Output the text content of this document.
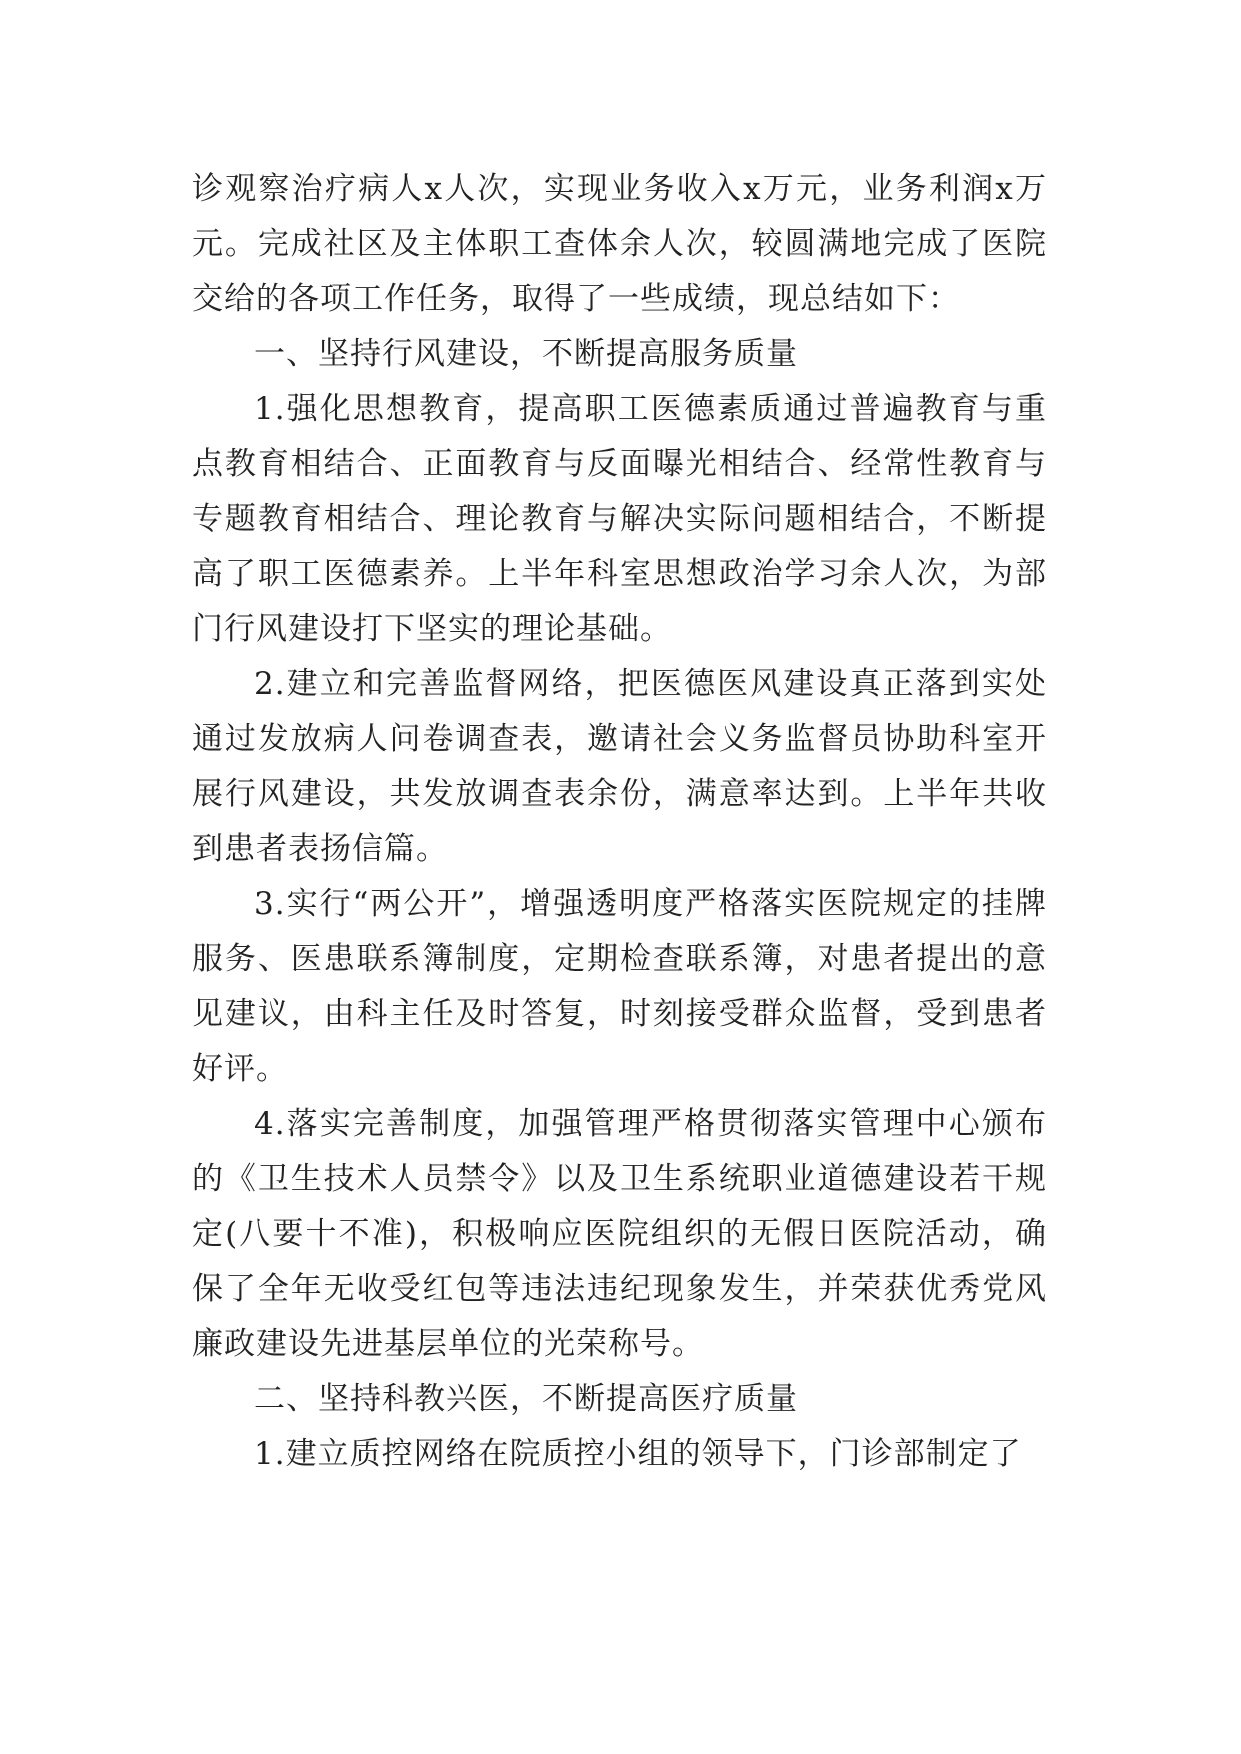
诊观察治疗病人x人次，实现业务收入x万元，业务利润x万元。完成社区及主体职工查体余人次，较圆满地完成了医院交给的各项工作任务，取得了一些成绩，现总结如下：

一、坚持行风建设，不断提高服务质量

1.强化思想教育，提高职工医德素质通过普遍教育与重点教育相结合、正面教育与反面曝光相结合、经常性教育与专题教育相结合、理论教育与解决实际问题相结合，不断提高了职工医德素养。上半年科室思想政治学习余人次，为部门行风建设打下坚实的理论基础。

2.建立和完善监督网络，把医德医风建设真正落到实处通过发放病人问卷调查表，邀请社会义务监督员协助科室开展行风建设，共发放调查表余份，满意率达到。上半年共收到患者表扬信篇。

3.实行“两公开”，增强透明度严格落实医院规定的挂牌服务、医患联系簿制度，定期检查联系簿，对患者提出的意见建议，由科主任及时答复，时刻接受群众监督，受到患者好评。

4.落实完善制度，加强管理严格贯彻落实管理中心颁布的《卫生技术人员禁令》以及卫生系统职业道德建设若干规定(八要十不准)，积极响应医院组织的无假日医院活动，确保了全年无收受红包等违法违纪现象发生，并荣获优秀党风廉政建设先进基层单位的光荣称号。

二、坚持科教兴医，不断提高医疗质量

1.建立质控网络在院质控小组的领导下，门诊部制定了
